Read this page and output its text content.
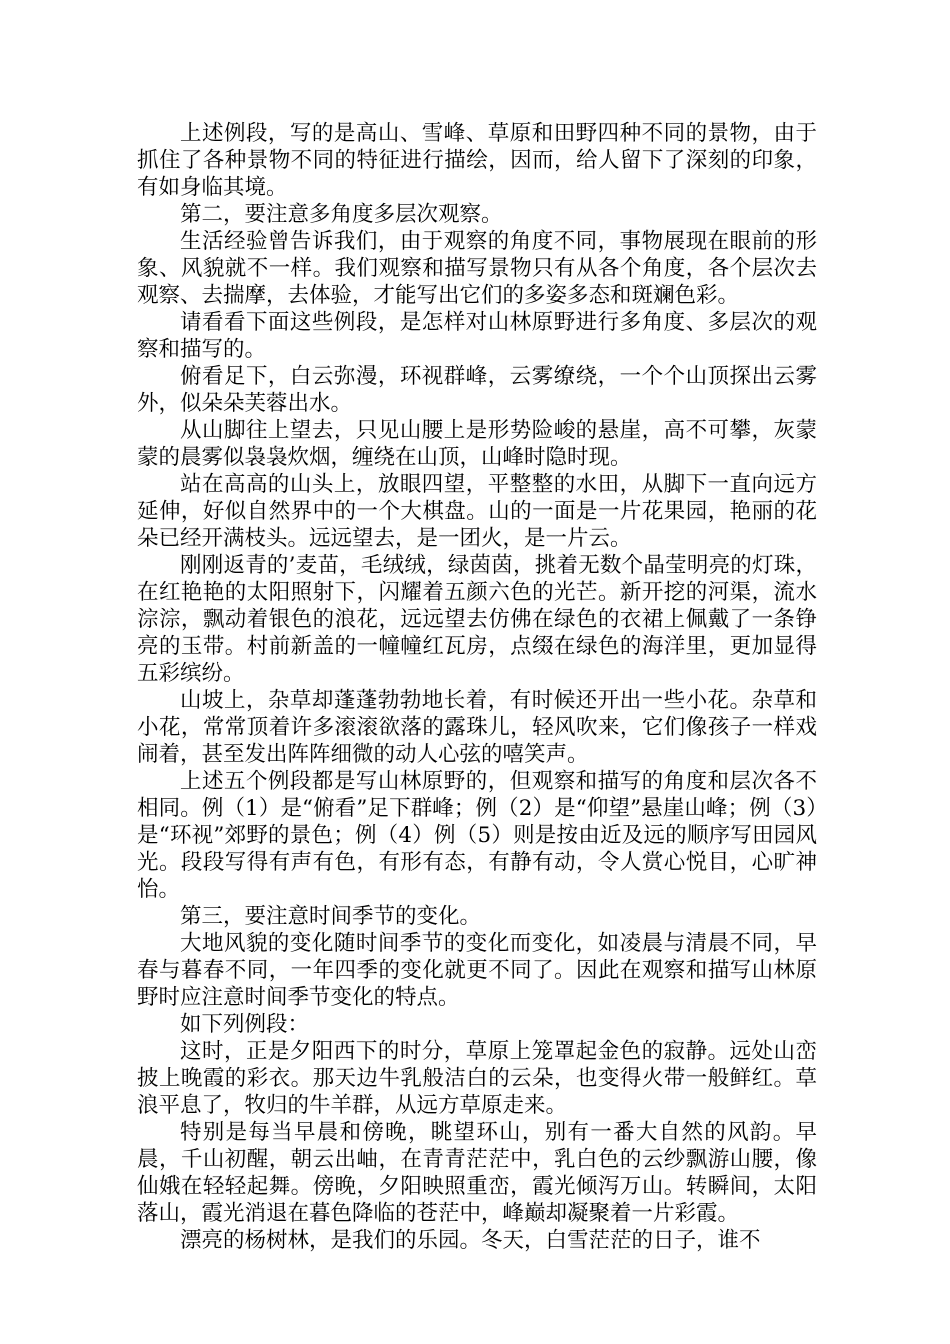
上述例段，写的是高山、雪峰、草原和田野四种不同的景物，由于抓住了各种景物不同的特征进行描绘，因而，给人留下了深刻的印象，有如身临其境。

第二，要注意多角度多层次观察。

生活经验曾告诉我们，由于观察的角度不同，事物展现在眼前的形象、风貌就不一样。我们观察和描写景物只有从各个角度，各个层次去观察、去揣摩，去体验，才能写出它们的多姿多态和斑斓色彩。

请看看下面这些例段，是怎样对山林原野进行多角度、多层次的观察和描写的。

俯看足下，白云弥漫，环视群峰，云雾缭绕，一个个山顶探出云雾外，似朵朵芙蓉出水。

从山脚往上望去，只见山腰上是形势险峻的悬崖，高不可攀，灰蒙蒙的晨雾似袅袅炊烟，缠绕在山顶，山峰时隐时现。

站在高高的山头上，放眼四望，平整整的水田，从脚下一直向远方延伸，好似自然界中的一个大棋盘。山的一面是一片花果园，艳丽的花朵已经开满枝头。远远望去，是一团火，是一片云。

刚刚返青的’麦苗，毛绒绒，绿茵茵，挑着无数个晶莹明亮的灯珠，在红艳艳的太阳照射下，闪耀着五颜六色的光芒。新开挖的河渠，流水淙淙，飘动着银色的浪花，远远望去仿佛在绿色的衣裙上佩戴了一条铮亮的玉带。村前新盖的一幢幢红瓦房，点缀在绿色的海洋里，更加显得五彩缤纷。

山坡上，杂草却蓬蓬勃勃地长着，有时候还开出一些小花。杂草和小花，常常顶着许多滚滚欲落的露珠儿，轻风吹来，它们像孩子一样戏闹着，甚至发出阵阵细微的动人心弦的嘻笑声。

上述五个例段都是写山林原野的，但观察和描写的角度和层次各不相同。例（1）是“俯看”足下群峰；例（2）是“仰望”悬崖山峰；例（3）是“环视”郊野的景色；例（4）例（5）则是按由近及远的顺序写田园风光。段段写得有声有色，有形有态，有静有动，令人赏心悦目，心旷神怡。

第三，要注意时间季节的变化。

大地风貌的变化随时间季节的变化而变化，如凌晨与清晨不同，早春与暮春不同，一年四季的变化就更不同了。因此在观察和描写山林原野时应注意时间季节变化的特点。

如下列例段：

这时，正是夕阳西下的时分，草原上笼罩起金色的寂静。远处山峦披上晚霞的彩衣。那天边牛乳般洁白的云朵，也变得火带一般鲜红。草浪平息了，牧归的牛羊群，从远方草原走来。

特别是每当早晨和傍晚，眺望环山，别有一番大自然的风韵。早晨，千山初醒，朝云出岫，在青青茫茫中，乳白色的云纱飘游山腰，像仙娥在轻轻起舞。傍晚，夕阳映照重峦，霞光倾泻万山。转瞬间，太阳落山，霞光消退在暮色降临的苍茫中，峰巅却凝聚着一片彩霞。

漂亮的杨树林，是我们的乐园。冬天，白雪茫茫的日子，谁不
